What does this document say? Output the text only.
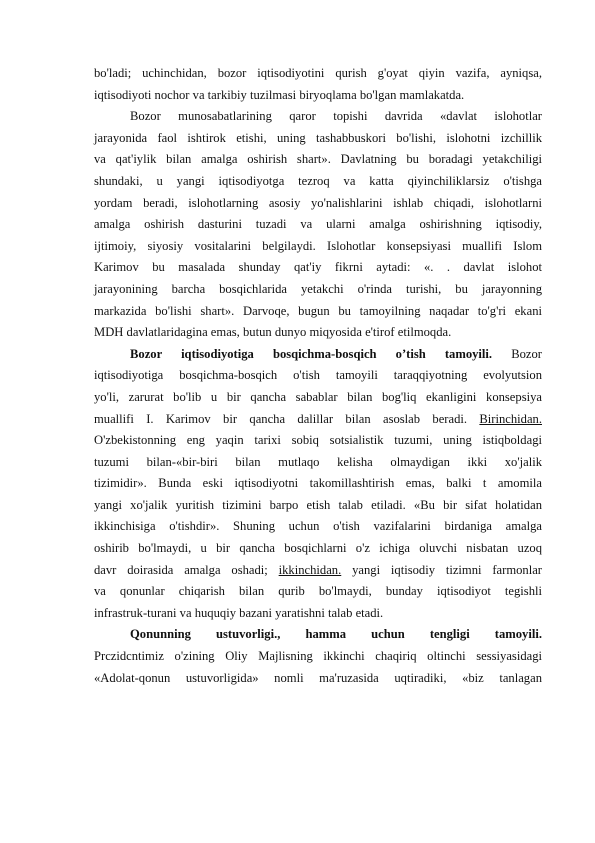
bo'ladi; uchinchidan, bozor iqtisodiyotini qurish g'oyat qiyin vazifa, ayniqsa,
iqtisodiyoti nochor va tarkibiy tuzilmasi biryoqlama bo'lgan mamlakatda.

Bozor munosabatlarining qaror topishi davrida «davlat islohotlar
jarayonida faol ishtirok etishi, uning tashabbuskori bo'lishi, islohotni izchillik
va qat'iylik bilan amalga oshirish shart». Davlatning bu boradagi yetakchiligi
shundaki, u yangi iqtisodiyotga tezroq va katta qiyinchiliklarsiz o'tishga
yordam beradi, islohotlarning asosiy yo'nalishlarini ishlab chiqadi, islohotlarni
amalga oshirish dasturini tuzadi va ularni amalga oshirishning iqtisodiy,
ijtimoiy, siyosiy vositalarini belgilaydi. Islohotlar konsepsiyasi muallifi Islom
Karimov bu masalada shunday qat'iy fikrni aytadi: «. . davlat islohot
jarayonining barcha bosqichlarida yetakchi o'rinda turishi, bu jarayonning
markazida bo'lishi shart». Darvoqe, bugun bu tamoyilning naqadar to'g'ri ekani
MDH davlatlaridagina emas, butun dunyo miqyosida e'tirof etilmoqda.

Bozor iqtisodiyotiga bosqichma-bosqich o’tish tamoyili. Bozor
iqtisodiyotiga bosqichma-bosqich o'tish tamoyili taraqqiyotning evolyutsion
yo'li, zarurat bo'lib u bir qancha sabablar bilan bog'liq ekanligini konsepsiya
muallifi I. Karimov bir qancha dalillar bilan asoslab beradi. Birinchidan.
O'zbekistonning eng yaqin tarixi sobiq sotsialistik tuzumi, uning istiqboldagi
tuzumi bilan-«bir-biri bilan mutlaqo kelisha olmaydigan ikki xo'jalik
tizimidir». Bunda eski iqtisodiyotni takomillashtirish emas, balki t amomila
yangi xo'jalik yuritish tizimini barpo etish talab etiladi. «Bu bir sifat holatidan
ikkinchisiga o'tishdir». Shuning uchun o'tish vazifalarini birdaniga amalga
oshirib bo'lmaydi, u bir qancha bosqichlarni o'z ichiga oluvchi nisbatan uzoq
davr doirasida amalga oshadi; ikkinchidan. yangi iqtisodiy tizimni farmonlar
va qonunlar chiqarish bilan qurib bo'lmaydi, bunday iqtisodiyot tegishli
infrastruk-turani va huquqiy bazani yaratishni talab etadi.

Qonunning ustuvorligi., hamma uchun tengligi tamoyili.
Prczidcntimiz o'zining Oliy Majlisning ikkinchi chaqiriq oltinchi sessiyasidagi
«Adolat-qonun ustuvorligida» nomli ma'ruzasida uqtiradiki, «biz tanlagan
